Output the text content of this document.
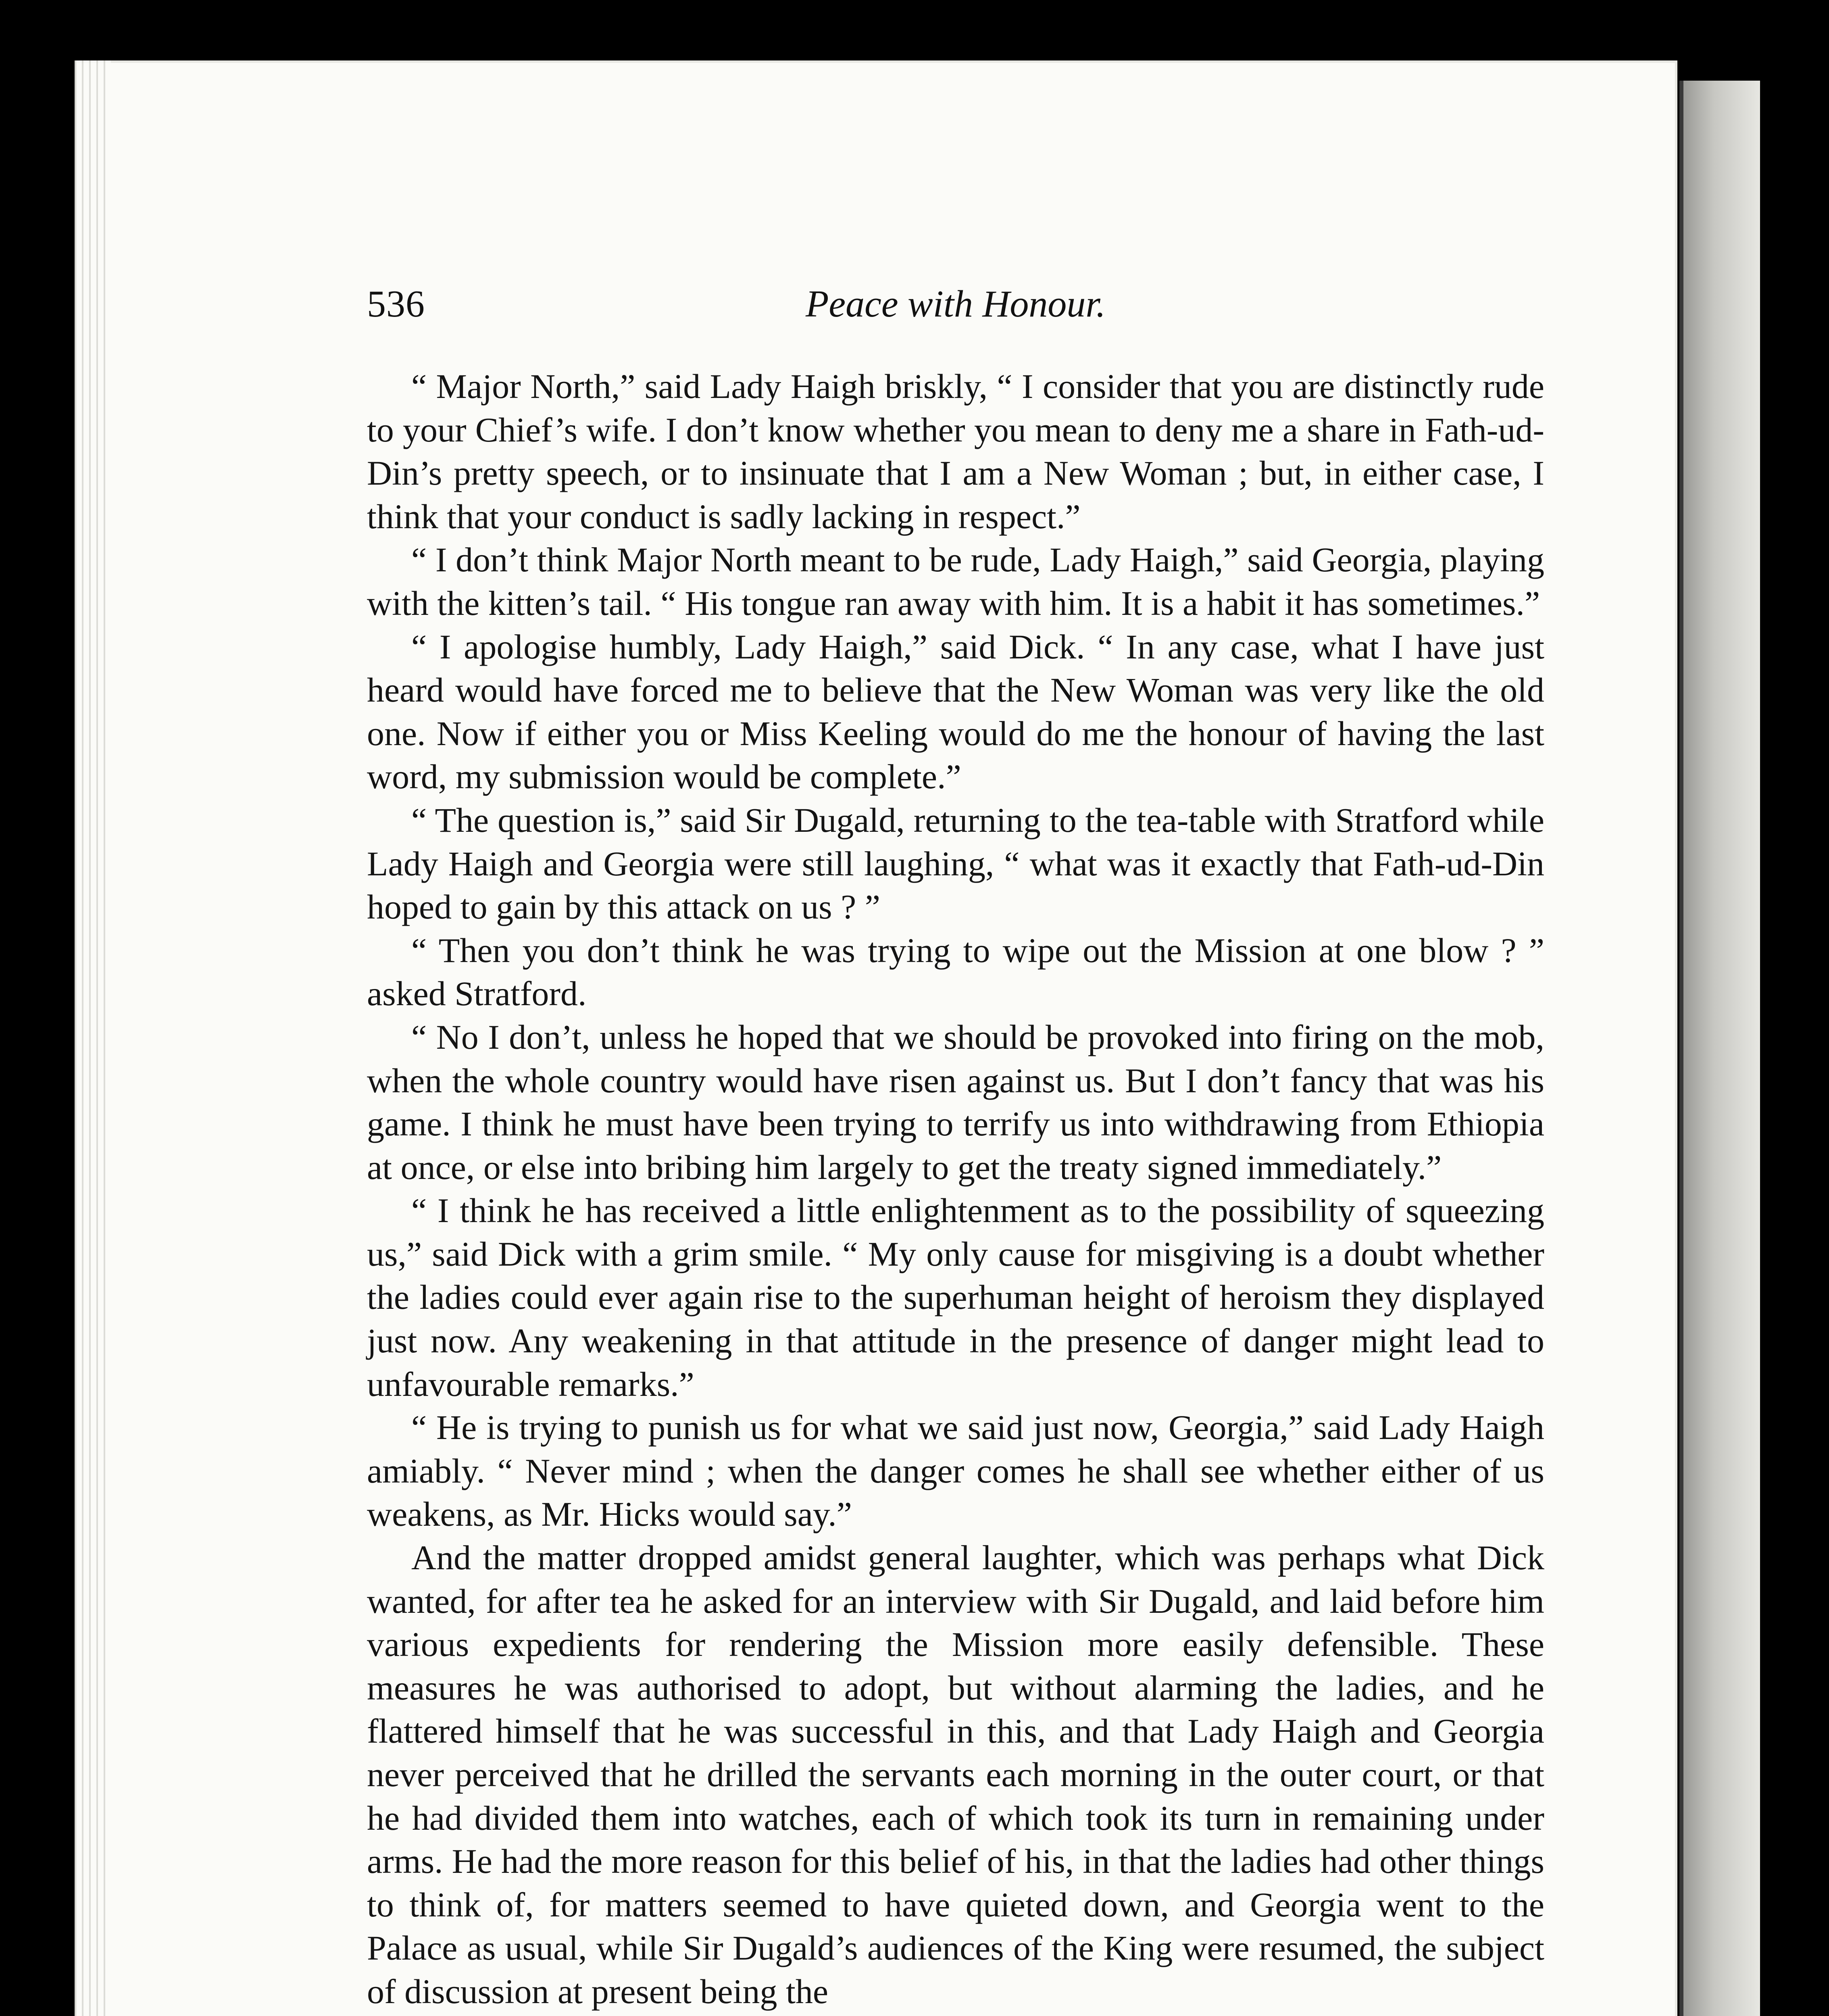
536	Peace with Honour.

“ Major North,” said Lady Haigh briskly, “ I consider that you are distinctly rude to your Chief’s wife. I don’t know whether you mean to deny me a share in Fath-ud-Din’s pretty speech, or to insinuate that I am a New Woman ; but, in either case, I think that your conduct is sadly lacking in respect.”

“ I don’t think Major North meant to be rude, Lady Haigh,” said Georgia, playing with the kitten’s tail. “ His tongue ran away with him. It is a habit it has sometimes.”

“ I apologise humbly, Lady Haigh,” said Dick. “ In any case, what I have just heard would have forced me to believe that the New Woman was very like the old one. Now if either you or Miss Keeling would do me the honour of having the last word, my submission would be complete.”

“ The question is,” said Sir Dugald, returning to the tea-table with Stratford while Lady Haigh and Georgia were still laughing, “ what was it exactly that Fath-ud-Din hoped to gain by this attack on us ? ”

“ Then you don’t think he was trying to wipe out the Mission at one blow ? ” asked Stratford.

“ No I don’t, unless he hoped that we should be provoked into firing on the mob, when the whole country would have risen against us. But I don’t fancy that was his game. I think he must have been trying to terrify us into withdrawing from Ethiopia at once, or else into bribing him largely to get the treaty signed immediately.”

“ I think he has received a little enlightenment as to the possibility of squeezing us,” said Dick with a grim smile. “ My only cause for misgiving is a doubt whether the ladies could ever again rise to the superhuman height of heroism they displayed just now. Any weakening in that attitude in the presence of danger might lead to unfavourable remarks.”

“ He is trying to punish us for what we said just now, Georgia,” said Lady Haigh amiably. “ Never mind ; when the danger comes he shall see whether either of us weakens, as Mr. Hicks would say.”

And the matter dropped amidst general laughter, which was perhaps what Dick wanted, for after tea he asked for an interview with Sir Dugald, and laid before him various expedients for rendering the Mission more easily defensible. These measures he was authorised to adopt, but without alarming the ladies, and he flattered himself that he was successful in this, and that Lady Haigh and Georgia never perceived that he drilled the servants each morning in the outer court, or that he had divided them into watches, each of which took its turn in remaining under arms. He had the more reason for this belief of his, in that the ladies had other things to think of, for matters seemed to have quieted down, and Georgia went to the Palace as usual, while Sir Dugald’s audiences of the King were resumed, the subject of discussion at present being the
